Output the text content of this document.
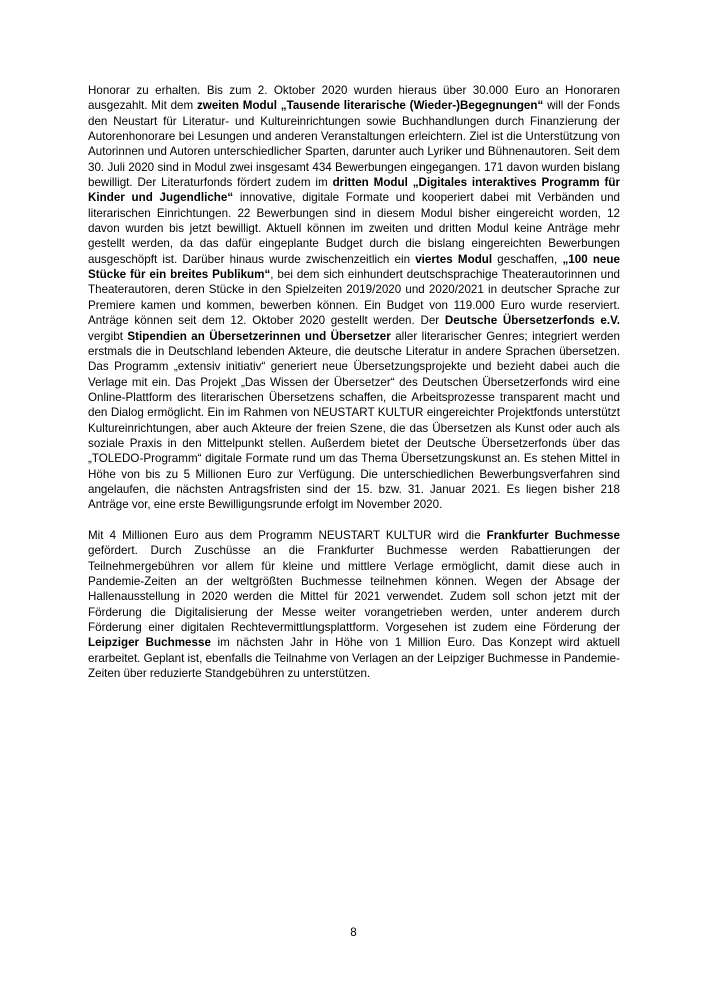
Honorar zu erhalten. Bis zum 2. Oktober 2020 wurden hieraus über 30.000 Euro an Honoraren ausgezahlt. Mit dem zweiten Modul „Tausende literarische (Wieder-)Begegnungen“ will der Fonds den Neustart für Literatur- und Kultureinrichtungen sowie Buchhandlungen durch Finanzierung der Autorenhonorare bei Lesungen und anderen Veranstaltungen erleichtern. Ziel ist die Unterstützung von Autorinnen und Autoren unterschiedlicher Sparten, darunter auch Lyriker und Bühnenautoren. Seit dem 30. Juli 2020 sind in Modul zwei insgesamt 434 Bewerbungen eingegangen. 171 davon wurden bislang bewilligt. Der Literaturfonds fördert zudem im dritten Modul „Digitales interaktives Programm für Kinder und Jugendliche“ innovative, digitale Formate und kooperiert dabei mit Verbänden und literarischen Einrichtungen. 22 Bewerbungen sind in diesem Modul bisher eingereicht worden, 12 davon wurden bis jetzt bewilligt. Aktuell können im zweiten und dritten Modul keine Anträge mehr gestellt werden, da das dafür eingeplante Budget durch die bislang eingereichten Bewerbungen ausgeschöpft ist. Darüber hinaus wurde zwischenzeitlich ein viertes Modul geschaffen, „100 neue Stücke für ein breites Publikum“, bei dem sich einhundert deutschsprachige Theaterautorinnen und Theaterautoren, deren Stücke in den Spielzeiten 2019/2020 und 2020/2021 in deutscher Sprache zur Premiere kamen und kommen, bewerben können. Ein Budget von 119.000 Euro wurde reserviert. Anträge können seit dem 12. Oktober 2020 gestellt werden. Der Deutsche Übersetzerfonds e.V. vergibt Stipendien an Übersetzerinnen und Übersetzer aller literarischer Genres; integriert werden erstmals die in Deutschland lebenden Akteure, die deutsche Literatur in andere Sprachen übersetzen. Das Programm „extensiv initiativ“ generiert neue Übersetzungsprojekte und bezieht dabei auch die Verlage mit ein. Das Projekt „Das Wissen der Übersetzer“ des Deutschen Übersetzerfonds wird eine Online-Plattform des literarischen Übersetzens schaffen, die Arbeitsprozesse transparent macht und den Dialog ermöglicht. Ein im Rahmen von NEUSTART KULTUR eingereichter Projektfonds unterstützt Kultureinrichtungen, aber auch Akteure der freien Szene, die das Übersetzen als Kunst oder auch als soziale Praxis in den Mittelpunkt stellen. Außerdem bietet der Deutsche Übersetzerfonds über das „TOLEDO-Programm“ digitale Formate rund um das Thema Übersetzungskunst an. Es stehen Mittel in Höhe von bis zu 5 Millionen Euro zur Verfügung. Die unterschiedlichen Bewerbungsverfahren sind angelaufen, die nächsten Antragsfristen sind der 15. bzw. 31. Januar 2021. Es liegen bisher 218 Anträge vor, eine erste Bewilligungsrunde erfolgt im November 2020.

Mit 4 Millionen Euro aus dem Programm NEUSTART KULTUR wird die Frankfurter Buchmesse gefördert. Durch Zuschüsse an die Frankfurter Buchmesse werden Rabattierungen der Teilnehmergebühren vor allem für kleine und mittlere Verlage ermöglicht, damit diese auch in Pandemie-Zeiten an der weltgrößten Buchmesse teilnehmen können. Wegen der Absage der Hallenausstellung in 2020 werden die Mittel für 2021 verwendet. Zudem soll schon jetzt mit der Förderung die Digitalisierung der Messe weiter vorangetrieben werden, unter anderem durch Förderung einer digitalen Rechtevermittlungsplattform. Vorgesehen ist zudem eine Förderung der Leipziger Buchmesse im nächsten Jahr in Höhe von 1 Million Euro. Das Konzept wird aktuell erarbeitet. Geplant ist, ebenfalls die Teilnahme von Verlagen an der Leipziger Buchmesse in Pandemie-Zeiten über reduzierte Standgebühren zu unterstützen.

8
